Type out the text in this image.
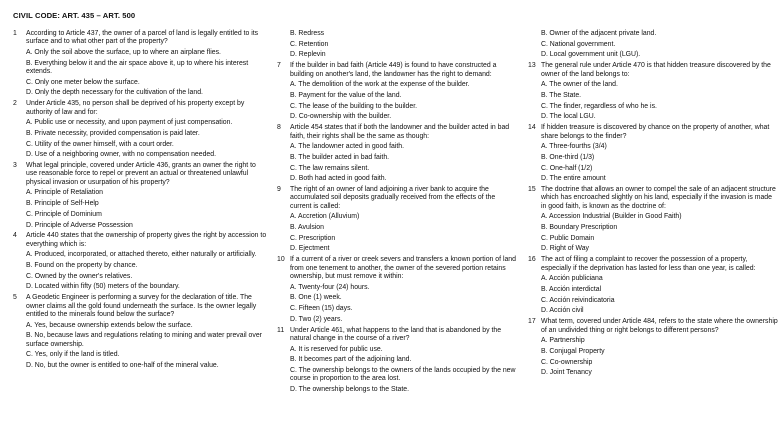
CIVIL CODE: ART. 435 – ART. 500
1	According to Article 437, the owner of a parcel of land is legally entitled to its surface and to what other part of the property?
A. Only the soil above the surface, up to where an airplane flies.
B. Everything below it and the air space above it, up to where his interest extends.
C. Only one meter below the surface.
D. Only the depth necessary for the cultivation of the land.
2	Under Article 435, no person shall be deprived of his property except by authority of law and for:
A. Public use or necessity, and upon payment of just compensation.
B. Private necessity, provided compensation is paid later.
C. Utility of the owner himself, with a court order.
D. Use of a neighboring owner, with no compensation needed.
3	What legal principle, covered under Article 436, grants an owner the right to use reasonable force to repel or prevent an actual or threatened unlawful physical invasion or usurpation of his property?
A. Principle of Retaliation
B. Principle of Self-Help
C. Principle of Dominium
D. Principle of Adverse Possession
4	Article 440 states that the ownership of property gives the right by accession to everything which is:
A. Produced, incorporated, or attached thereto, either naturally or artificially.
B. Found on the property by chance.
C. Owned by the owner's relatives.
D. Located within fifty (50) meters of the boundary.
5	A Geodetic Engineer is performing a survey for the declaration of title. The owner claims all the gold found underneath the surface. Is the owner legally entitled to the minerals found below the surface?
A. Yes, because ownership extends below the surface.
B. No, because laws and regulations relating to mining and water prevail over surface ownership.
C. Yes, only if the land is titled.
D. No, but the owner is entitled to one-half of the mineral value.
B. Redress
C. Retention
D. Replevin
7	If the builder in bad faith (Article 449) is found to have constructed a building on another's land, the landowner has the right to demand:
A. The demolition of the work at the expense of the builder.
B. Payment for the value of the land.
C. The lease of the building to the builder.
D. Co-ownership with the builder.
8	Article 454 states that if both the landowner and the builder acted in bad faith, their rights shall be the same as though:
A. The landowner acted in good faith.
B. The builder acted in bad faith.
C. The law remains silent.
D. Both had acted in good faith.
9	The right of an owner of land adjoining a river bank to acquire the accumulated soil deposits gradually received from the effects of the current is called:
A. Accretion (Alluvium)
B. Avulsion
C. Prescription
D. Ejectment
10 If a current of a river or creek severs and transfers a known portion of land from one tenement to another, the owner of the severed portion retains ownership, but must remove it within:
A. Twenty-four (24) hours.
B. One (1) week.
C. Fifteen (15) days.
D. Two (2) years.
11 Under Article 461, what happens to the land that is abandoned by the natural change in the course of a river?
A. It is reserved for public use.
B. It becomes part of the adjoining land.
C. The ownership belongs to the owners of the lands occupied by the new course in proportion to the area lost.
D. The ownership belongs to the State.
B. Owner of the adjacent private land.
C. National government.
D. Local government unit (LGU).
13 The general rule under Article 470 is that hidden treasure discovered by the owner of the land belongs to:
A. The owner of the land.
B. The State.
C. The finder, regardless of who he is.
D. The local LGU.
14 If hidden treasure is discovered by chance on the property of another, what share belongs to the finder?
A. Three-fourths (3/4)
B. One-third (1/3)
C. One-half (1/2)
D. The entire amount
15 The doctrine that allows an owner to compel the sale of an adjacent structure which has encroached slightly on his land, especially if the invasion is made in good faith, is known as the doctrine of:
A. Accession Industrial (Builder in Good Faith)
B. Boundary Prescription
C. Public Domain
D. Right of Way
16 The act of filing a complaint to recover the possession of a property, especially if the deprivation has lasted for less than one year, is called:
A. Acción publiciana
B. Acción interdictal
C. Acción reivindicatoria
D. Acción civil
17 What term, covered under Article 484, refers to the state where the ownership of an undivided thing or right belongs to different persons?
A. Partnership
B. Conjugal Property
C. Co-ownership
D. Joint Tenancy
